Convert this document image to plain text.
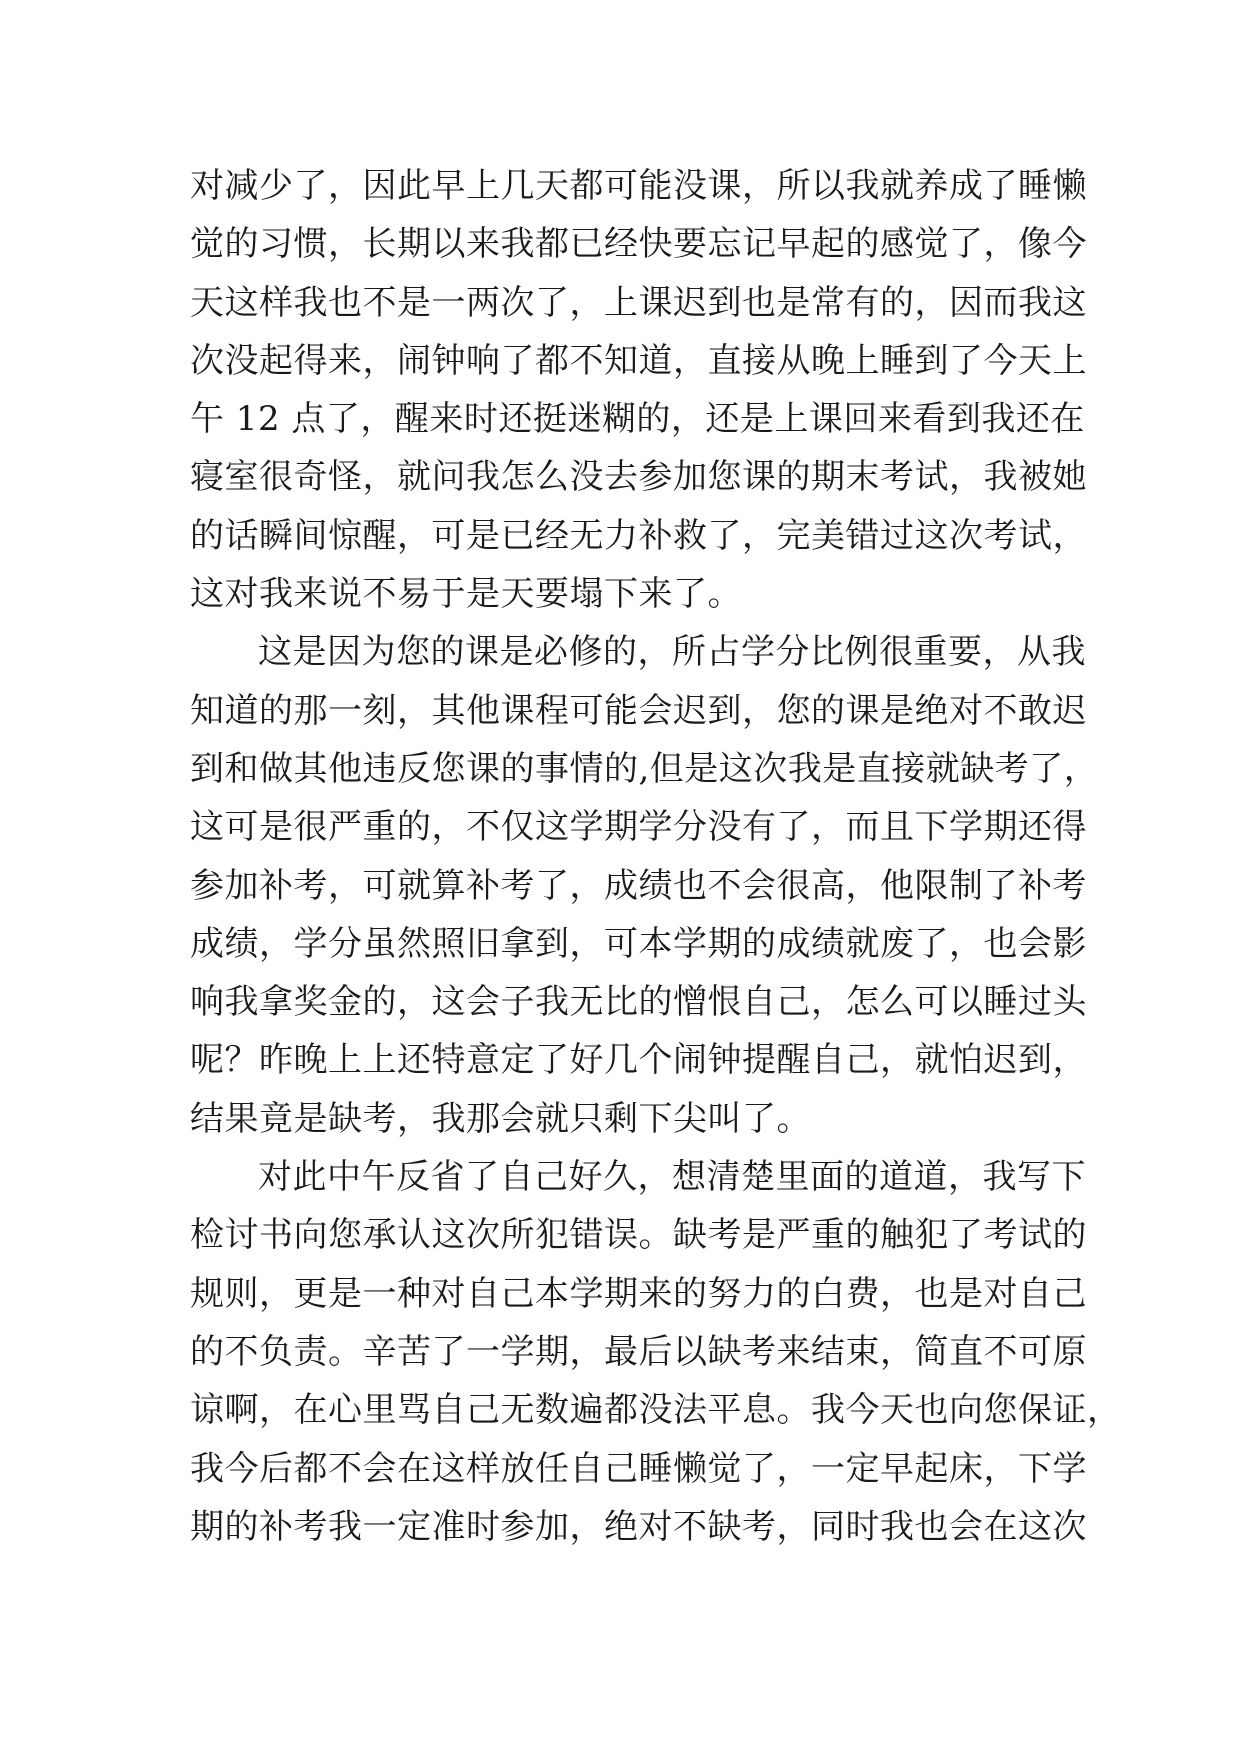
对减少了，因此早上几天都可能没课，所以我就养成了睡懒
觉的习惯，长期以来我都已经快要忘记早起的感觉了，像今
天这样我也不是一两次了，上课迟到也是常有的，因而我这
次没起得来，闹钟响了都不知道，直接从晚上睡到了今天上
午 12 点了，醒来时还挺迷糊的，还是上课回来看到我还在
寝室很奇怪，就问我怎么没去参加您课的期末考试，我被她
的话瞬间惊醒，可是已经无力补救了，完美错过这次考试，
这对我来说不易于是天要塌下来了。
这是因为您的课是必修的，所占学分比例很重要，从我
知道的那一刻，其他课程可能会迟到，您的课是绝对不敢迟
到和做其他违反您课的事情的,但是这次我是直接就缺考了，
这可是很严重的，不仅这学期学分没有了，而且下学期还得
参加补考，可就算补考了，成绩也不会很高，他限制了补考
成绩，学分虽然照旧拿到，可本学期的成绩就废了，也会影
响我拿奖金的，这会子我无比的憎恨自己，怎么可以睡过头
呢？昨晚上上还特意定了好几个闹钟提醒自己，就怕迟到，
结果竟是缺考，我那会就只剩下尖叫了。
对此中午反省了自己好久，想清楚里面的道道，我写下
检讨书向您承认这次所犯错误。缺考是严重的触犯了考试的
规则，更是一种对自己本学期来的努力的白费，也是对自己
的不负责。辛苦了一学期，最后以缺考来结束，简直不可原
谅啊，在心里骂自己无数遍都没法平息。我今天也向您保证，
我今后都不会在这样放任自己睡懒觉了，一定早起床，下学
期的补考我一定准时参加，绝对不缺考，同时我也会在这次
